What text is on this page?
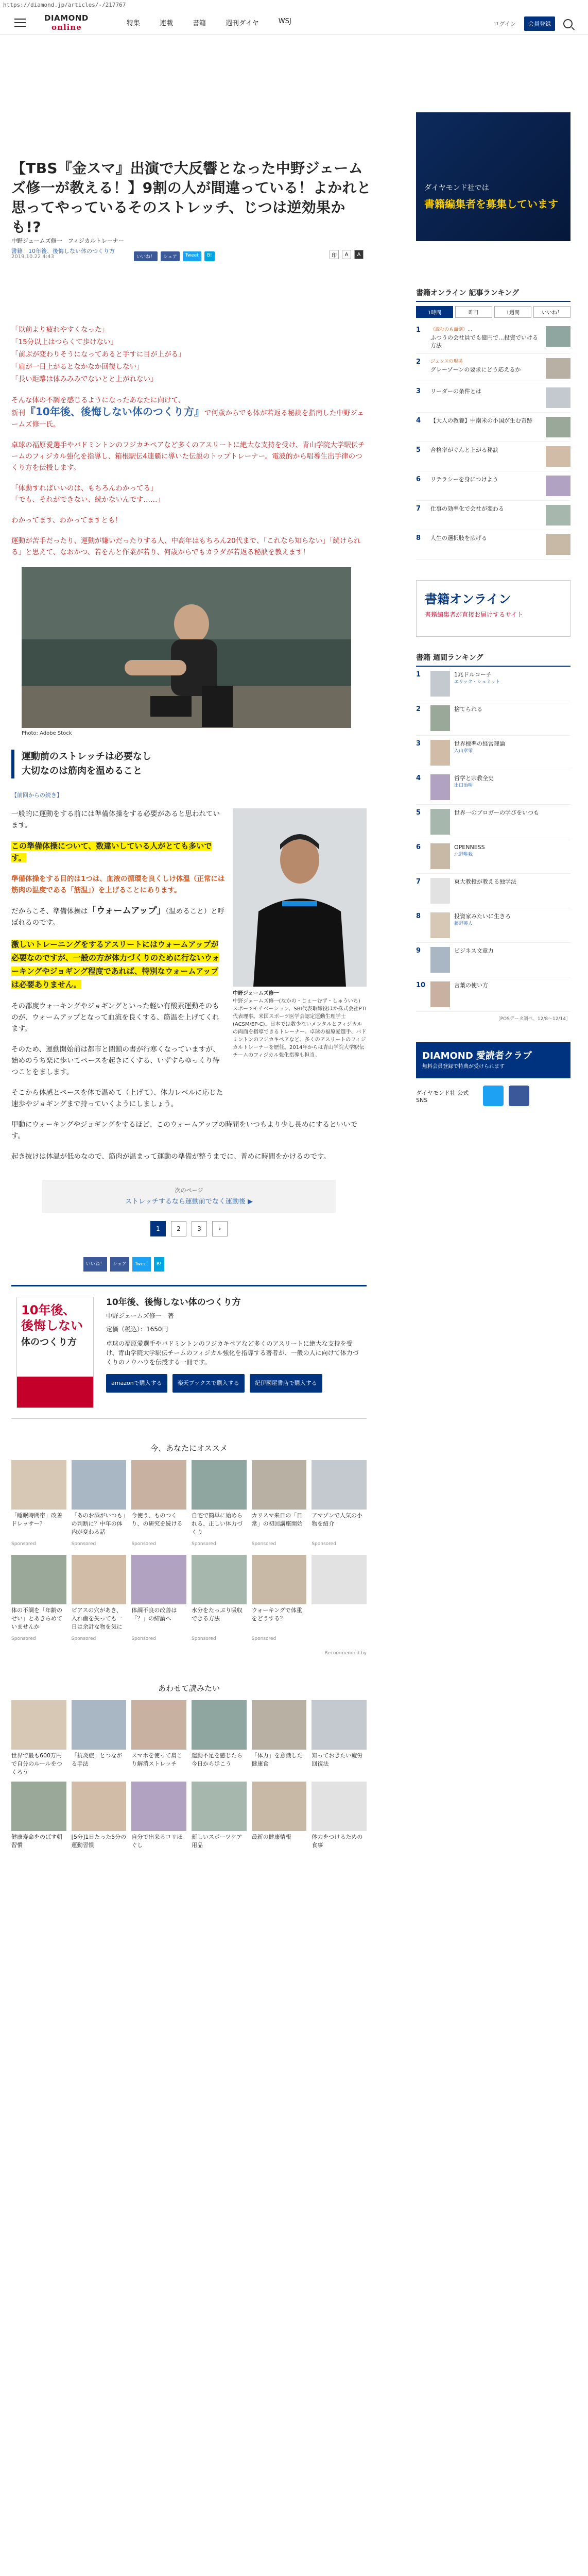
https://diamond.jp/articles/-/217767
DIAMOND
online	特集	連載	書籍	週刊ダイヤ	WSJ	ログイン	会員登録
【TBS『金スマ』出演で大反響となった中野ジェームズ修一が教える！】9割の人が間違っている！よかれと思ってやっているそのストレッチ、じつは逆効果かも!?
中野ジェームズ修一　フィジカルトレーナー
書籍　10年後、後悔しない体のつくり方
2019.10.22 4:43	いいね！	シェア	Tweet	B!	印	A	A

「以前より疲れやすくなった」
「15分以上はつらくて歩けない」
「前ぶが変わりそうになってあると手すに目が上がる」
「肩が一日上がるとなかなか回復しない」
「長い距離は体みみみでないとと上がれない」

そんな体の不調を感じるようになったあなたに向けて、
新刊『10年後、後悔しない体のつくり方』で何歳からでも体が若返る秘訣を指南した中野ジェームズ修一氏。

卓球の福原愛選手やバドミントンのフジカキペアなど多くのアスリートに絶大な支持を受け、青山学院大学駅伝チームのフィジカル強化を指導し、箱根駅伝4連覇に導いた伝説のトップトレーナー。電波的から唱導生出手律のつくり方を伝授します。

「体動すればいいのは、もちろんわかってる」
「でも、それができない、続かないんです……」

わかってます、わかってますとも！

運動が苦手だったり、運動が嫌いだったりする人、中高年はもちろん20代まで、「これなら知らない」「続けられる」と思えて、なおかつ、若をんと作業が若り、何歳からでもカラダが若返る秘訣を教えます！

Photo: Adobe Stock
運動前のストレッチは必要なし
大切なのは筋肉を温めること
【前回からの続き】

一般的に運動をする前には準備体操をする必要があると思われています。

この準備体操について、数違いしている人がとても多いです。

準備体操をする目的は1つは、血液の循環を良くしけ体温（正常には筋肉の温度である「筋温」）を上げることにあります。

だからこそ、準備体操は「ウォームアップ」（温めること）と呼ばれるのです。

激しいトレーニングをするアスリートにはウォームアップが必要なのですが、一般の方が体力づくりのために行ないウォーキングやジョギング程度であれば、特別なウォームアップは必要ありません。

その都度ウォーキングやジョギングといった軽い有酸素運動そのものが、ウォームアップとなって血流を良くする、筋温を上げてくれます。

そのため、運動開始前は都市と閉鎖の書が行寒くなっていますが、始めのうち楽に歩いてペースを起きにくする、いずすらゆっくり待つことをまします。

そこから体感とペースを体で温めて（上げて）、体力レベルに応じた速歩やジョギングまで持っていくようにしましょう。

中野ジェームズ修一
中野ジェームズ修一(なかの・じぇーむず・しゅういち)　スポーツモチベーション、SBI代表取締役ほか株式会社PTI代表理事。米国スポーツ医学会認定運動生理学士(ACSM/EP-C)。日本では数少ないメンタルとフィジカルの両面を指導できるトレーナー。卓球の福原愛選手、バドミントンのフジカキペアなど、多くのアスリートのフィジカルトレーナーを歴任。2014年からは青山学院大学駅伝チームのフィジカル強化指導も担当。

甲動にウォーキングやジョギングをするほど、このウォームアップの時間をいつもより少し長めにするといいです。

起き抜けは体温が低めなので、筋肉が温まって運動の準備が整うまでに、普めに時間をかけるのです。

次のページ
ストレッチするなら運動前でなく運動後 ▶
1	2	3	›
いいね！	シェア	Tweet	B!
10年後、
後悔しない
体のつくり方
10年後、後悔しない体のつくり方
中野ジェームズ修一　著
定価（税込）：1650円
卓球の福原愛選手やバドミントンのフジカキペアなど多くのアスリートに絶大な支持を受け、青山学院大学駅伝チームのフィジカル強化を指導する著者が、一般の人に向けて体力づくりのノウハウを伝授する一冊です。
amazonで購入する	楽天ブックスで購入する	紀伊國屋書店で購入する
今、あなたにオススメ
「睡眠時間帯」改善ドレッサー？
Sponsored
「あのお酒がいつも」の判断に？中年の体内が変わる話
Sponsored
今使う、ものつくり、の研究を続ける
Sponsored
自宅で簡単に始められる、正しい体力づくり
Sponsored
カリスマ来日の「日常」の初回講座開始
Sponsored
アマゾンで人気の小物を紹介
Sponsored
体の不調を「年齢のせい」とあきらめていませんか
Sponsored
ピアスの穴があき、入れ歯を失っても一日は余計な物を気に
Sponsored
体調不良の改善は「？」の結論へ
Sponsored
水分をたっぷり吸収できる方法
Sponsored
ウォーキングで体重をどうする？
Sponsored
Recommended by
あわせて読みたい
世界で最も600万円で自分のルールをつくろう
「抗炎症」とつながる手法
スマホを使って肩こり解消ストレッチ
運動不足を感じたら今日から歩こう
「体力」を意識した健康食
知っておきたい疲労回復法
健康寿命をのばす朝習慣
[5分]1日たった5分の運動習慣
自分で出来るコリほぐし
新しいスポーツケア用品
最新の健康情報	体力をつけるための食事
ダイヤモンド社では
書籍編集者を募集しています
書籍オンライン 記事ランキング
1時間	昨日	1週間	いいね！
1	（読むのも面倒）…
ふつうの会社員でも億円で…投資でいける方法
2	ジェンスの現場
グレーゾーンの要求にどう応えるか
3	リーダーの条件とは
4	【大人の教養】中南米の小国が生む奇跡
5	合格率がぐんと上がる秘訣
6	リテラシーを身につけよう
7	仕事の効率化で会社が変わる
8	人生の選択肢を広げる
書籍オンライン
書籍編集者が直接お届けするサイト
書籍 週間ランキング
1	1兆ドルコーチ
エリック・シュミット
2	捨てられる
3	世界標準の経営理論
入山章栄
4	哲学と宗教全史
出口治明
5	世界一のブロガーの学びをいつも
6	OPENNESS
北野唯我
7	東大教授が教える独学法
8	投資家みたいに生きろ
藤野英人
9	ビジネス文章力
10	言葉の使い方
［POSデータ調べ、12/8〜12/14］
DIAMOND 愛読者クラブ
無料会員登録で特典が受けられます
ダイヤモンド社 公式SNS
